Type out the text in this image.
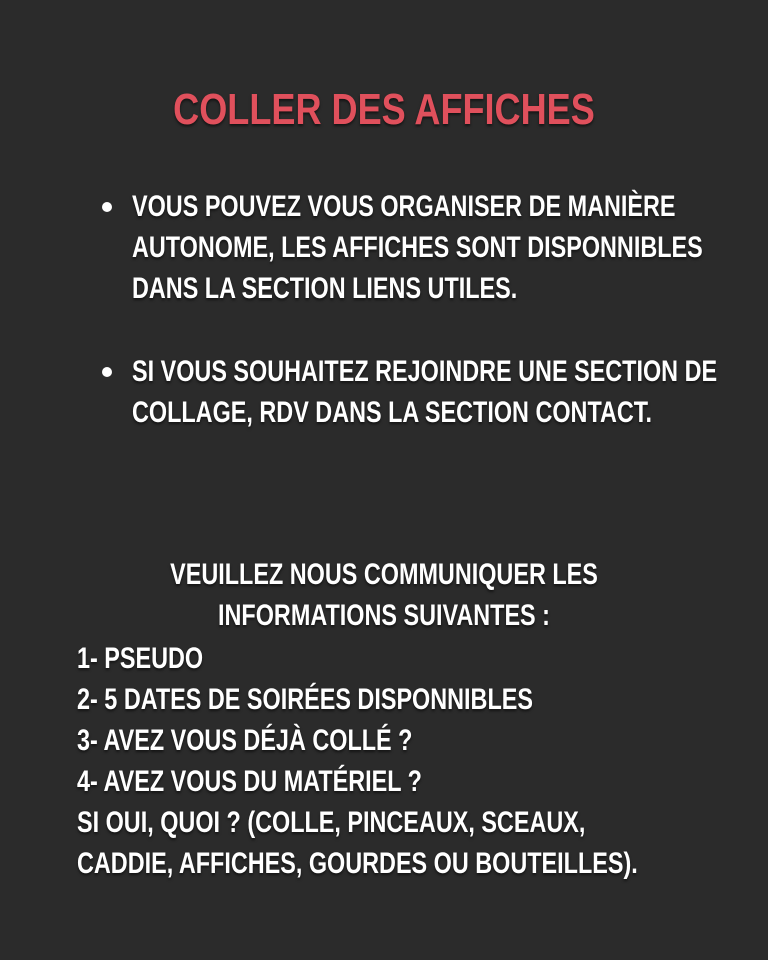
COLLER DES AFFICHES
VOUS POUVEZ VOUS ORGANISER DE MANIÈRE AUTONOME, LES AFFICHES SONT DISPONNIBLES DANS LA SECTION LIENS UTILES.
SI VOUS SOUHAITEZ REJOINDRE UNE SECTION DE COLLAGE, RDV DANS LA SECTION CONTACT.
VEUILLEZ NOUS COMMUNIQUER LES
INFORMATIONS SUIVANTES :
1- PSEUDO
2- 5 DATES DE SOIRÉES DISPONNIBLES
3- AVEZ VOUS DÉJÀ COLLÉ ?
4- AVEZ VOUS DU MATÉRIEL ?
SI OUI, QUOI ? (COLLE, PINCEAUX, SCEAUX,
CADDIE, AFFICHES, GOURDES OU BOUTEILLES).
